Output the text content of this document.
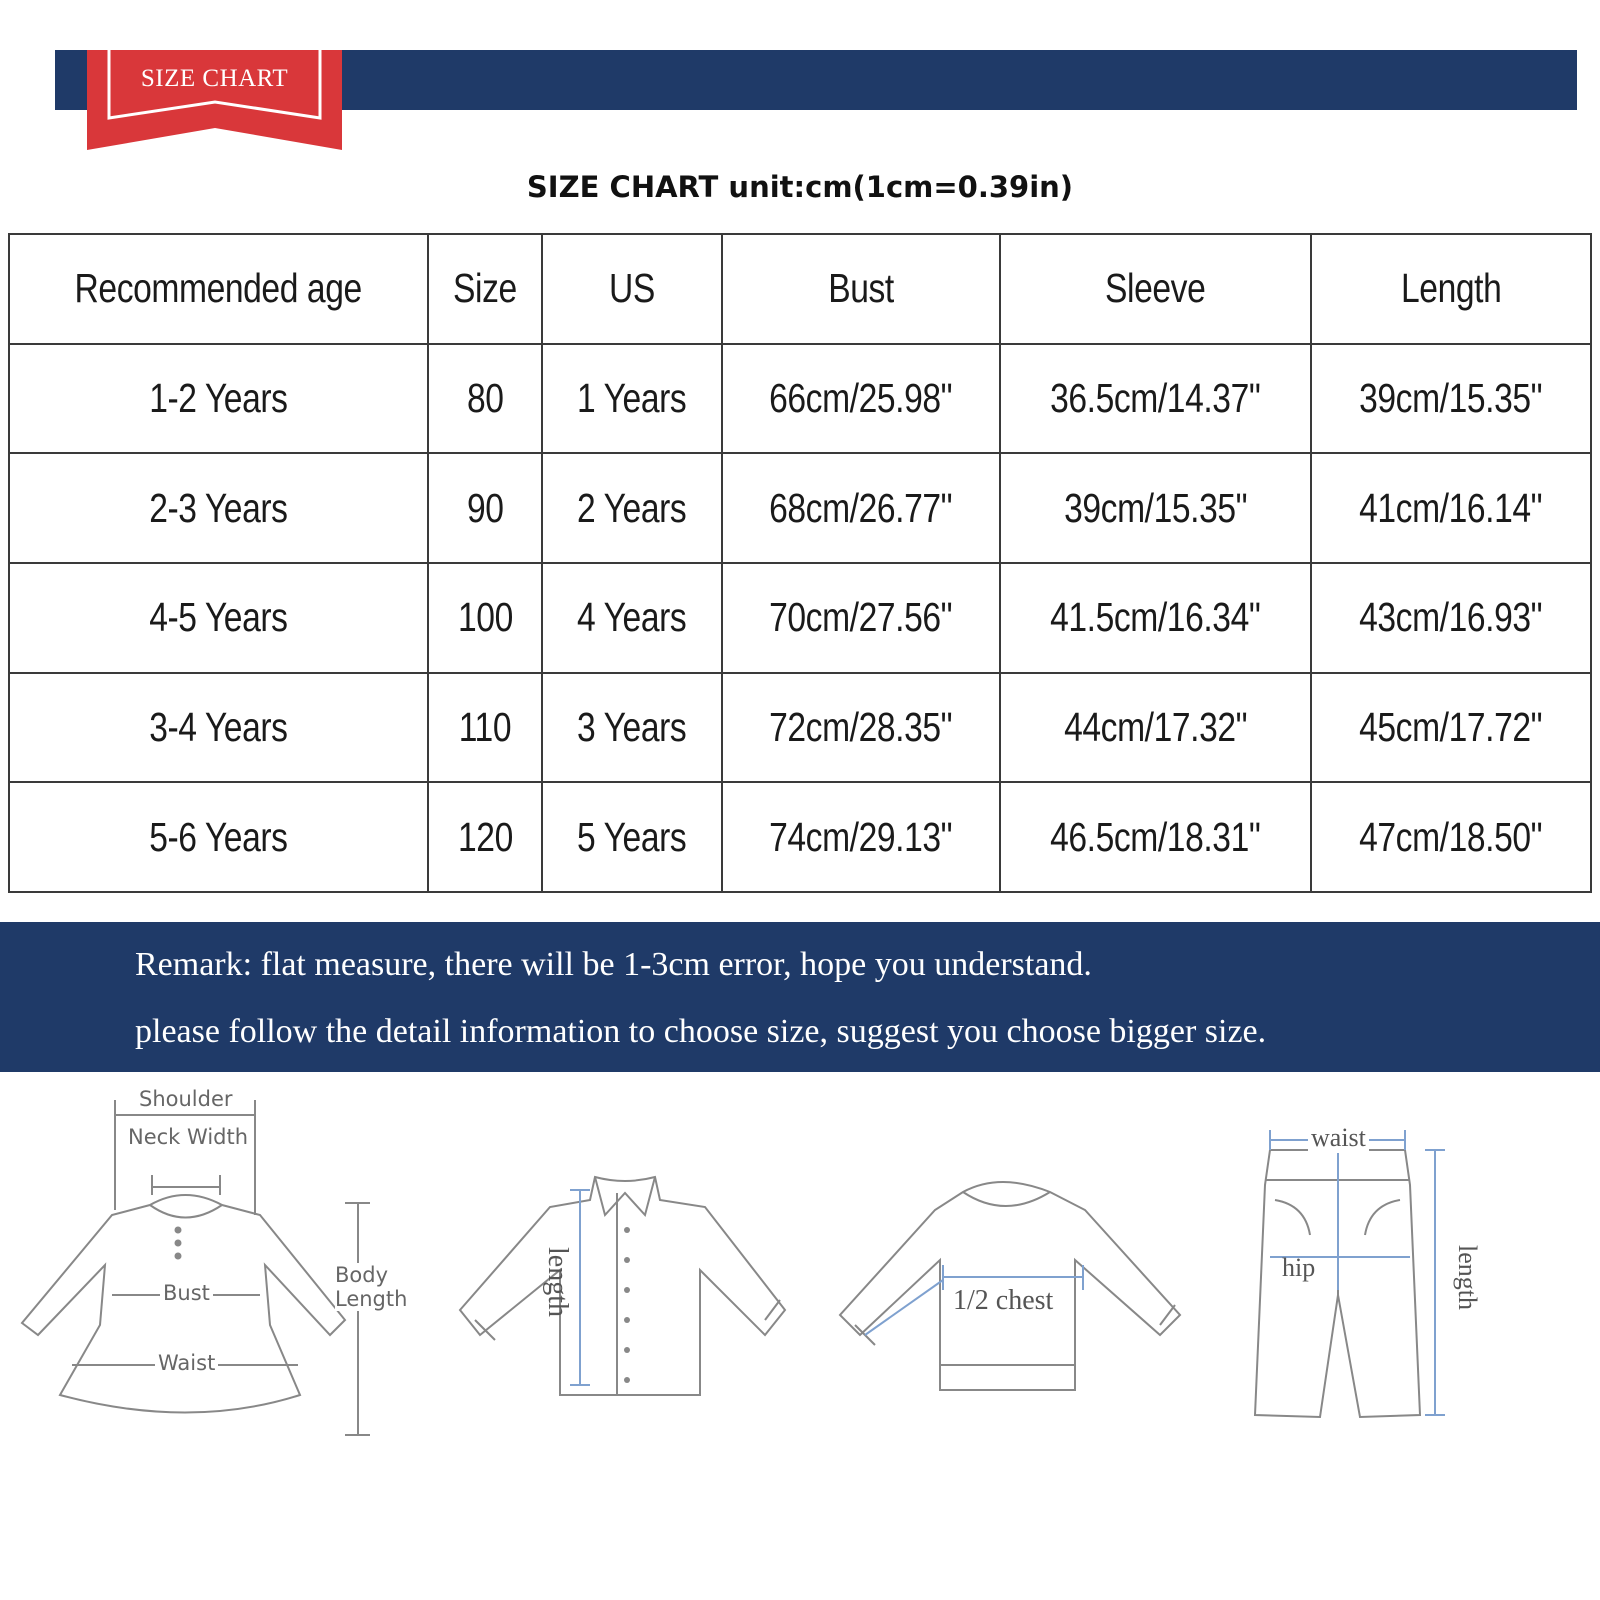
SIZE CHART
SIZE CHART unit:cm(1cm=0.39in)
Recommended age	Size	US	Bust	Sleeve	Length
1-2 Years	80	1 Years	66cm/25.98"	36.5cm/14.37"	39cm/15.35"
2-3 Years	90	2 Years	68cm/26.77"	39cm/15.35"	41cm/16.14"
4-5 Years	100	4 Years	70cm/27.56"	41.5cm/16.34"	43cm/16.93"
3-4 Years	110	3 Years	72cm/28.35"	44cm/17.32"	45cm/17.72"
5-6 Years	120	5 Years	74cm/29.13"	46.5cm/18.31"	47cm/18.50"
Remark: flat measure, there will be 1-3cm error, hope you understand.
please follow the detail information to choose size, suggest you choose bigger size.
Shoulder
Neck Width
Bust
Waist
Body
Length	length	1/2 chest
waist
hip	length
